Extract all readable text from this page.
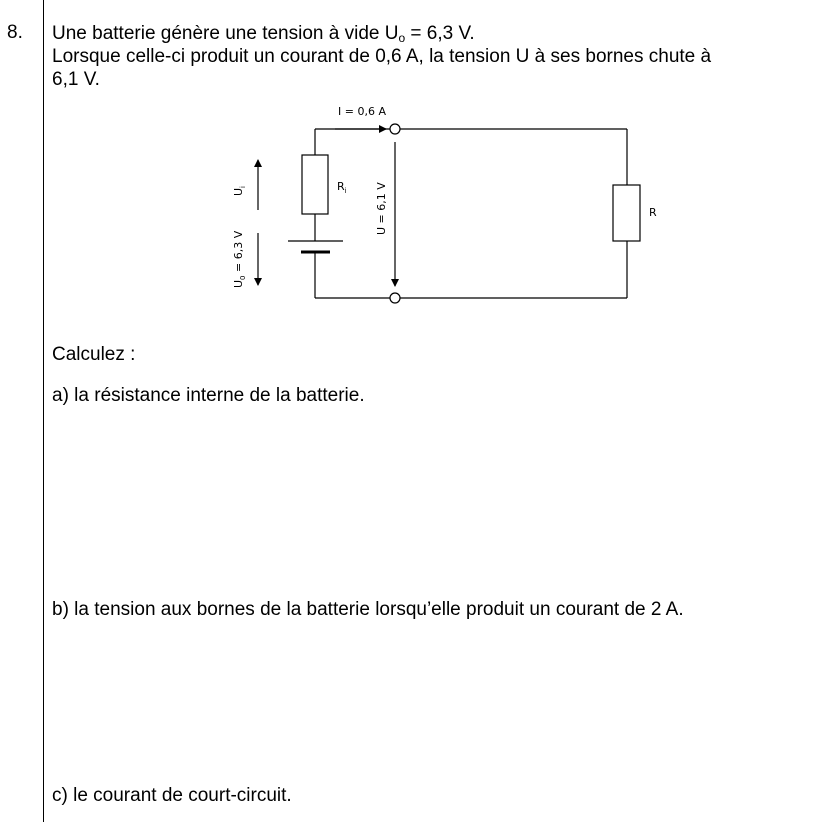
8. Une batterie génère une tension à vide $U_o = 6,3$ V.
Lorsque celle-ci produit un courant de 0,6 A, la tension U à ses bornes chute à
6,1 V.
$R_i$
I = 0,6 A
U = 6,1 V
$U_i$
$U_0 = 6,3$ V
R

Calculez :

a) la résistance interne de la batterie.

b) la tension aux bornes de la batterie lorsqu’elle produit un courant de 2 A.

c) le courant de court-circuit.
